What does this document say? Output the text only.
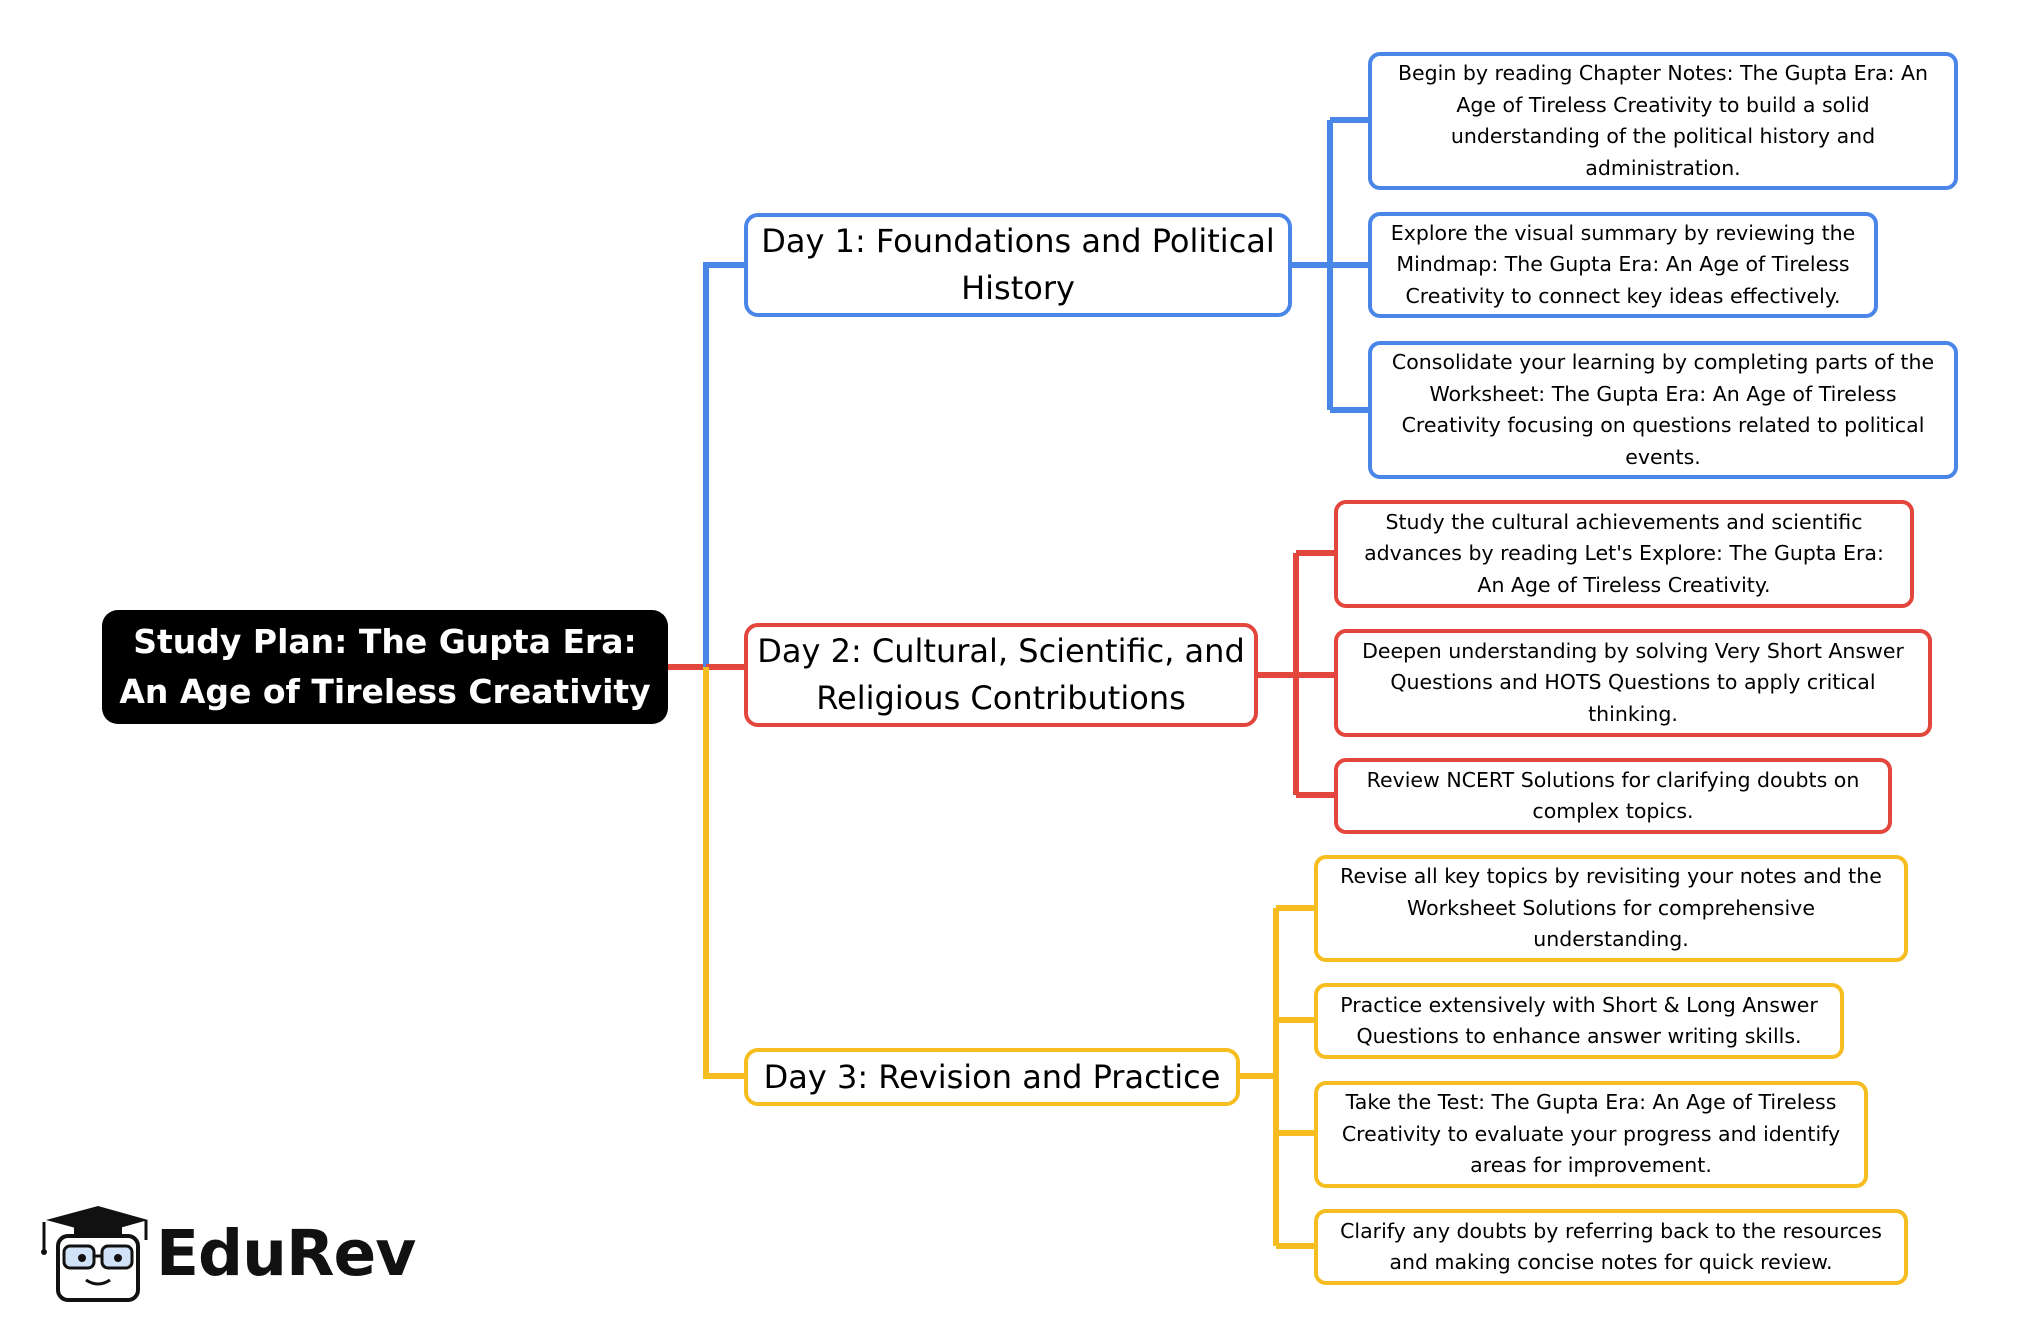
Study Plan: The Gupta Era: An Age of Tireless Creativity
Day 1: Foundations and Political History
Begin by reading Chapter Notes: The Gupta Era: An Age of Tireless Creativity to build a solid understanding of the political history and administration.
Explore the visual summary by reviewing the Mindmap: The Gupta Era: An Age of Tireless Creativity to connect key ideas effectively.
Consolidate your learning by completing parts of the Worksheet: The Gupta Era: An Age of Tireless Creativity focusing on questions related to political events.
Day 2: Cultural, Scientific, and Religious Contributions
Study the cultural achievements and scientific advances by reading Let's Explore: The Gupta Era: An Age of Tireless Creativity.
Deepen understanding by solving Very Short Answer Questions and HOTS Questions to apply critical thinking.
Review NCERT Solutions for clarifying doubts on complex topics.
Day 3: Revision and Practice
Revise all key topics by revisiting your notes and the Worksheet Solutions for comprehensive understanding.
Practice extensively with Short & Long Answer Questions to enhance answer writing skills.
Take the Test: The Gupta Era: An Age of Tireless Creativity to evaluate your progress and identify areas for improvement.
Clarify any doubts by referring back to the resources and making concise notes for quick review.
EduRev
